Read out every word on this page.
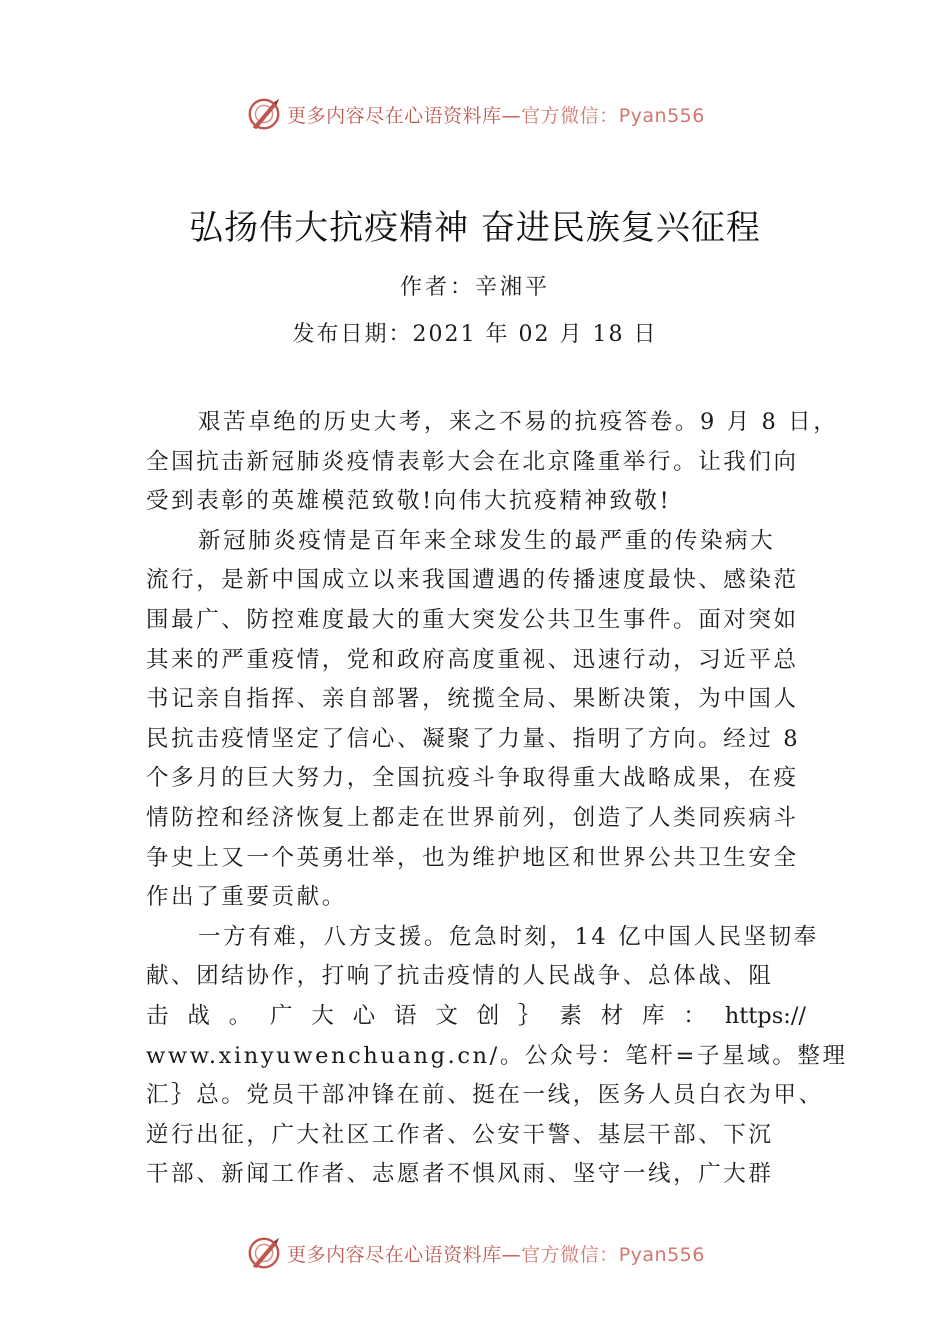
更多内容尽在心语资料库—官方微信：Pyan556
弘扬伟大抗疫精神 奋进民族复兴征程
作者：辛湘平
发布日期：2021 年 02 月 18 日
艰苦卓绝的历史大考，来之不易的抗疫答卷。9 月 8 日，
全国抗击新冠肺炎疫情表彰大会在北京隆重举行。让我们向
受到表彰的英雄模范致敬!向伟大抗疫精神致敬!
新冠肺炎疫情是百年来全球发生的最严重的传染病大
流行，是新中国成立以来我国遭遇的传播速度最快、感染范
围最广、防控难度最大的重大突发公共卫生事件。面对突如
其来的严重疫情，党和政府高度重视、迅速行动，习近平总
书记亲自指挥、亲自部署，统揽全局、果断决策，为中国人
民抗击疫情坚定了信心、凝聚了力量、指明了方向。经过 8
个多月的巨大努力，全国抗疫斗争取得重大战略成果，在疫
情防控和经济恢复上都走在世界前列，创造了人类同疾病斗
争史上又一个英勇壮举，也为维护地区和世界公共卫生安全
作出了重要贡献。
一方有难，八方支援。危急时刻，14 亿中国人民坚韧奉
献、团结协作，打响了抗击疫情的人民战争、总体战、阻
击战。广大心语文创｝素材库：https://
www.xinyuwenchuang.cn/。公众号：笔杆=子星域。整理
汇｝总。党员干部冲锋在前、挺在一线，医务人员白衣为甲、
逆行出征，广大社区工作者、公安干警、基层干部、下沉
干部、新闻工作者、志愿者不惧风雨、坚守一线，广大群
更多内容尽在心语资料库—官方微信：Pyan556
